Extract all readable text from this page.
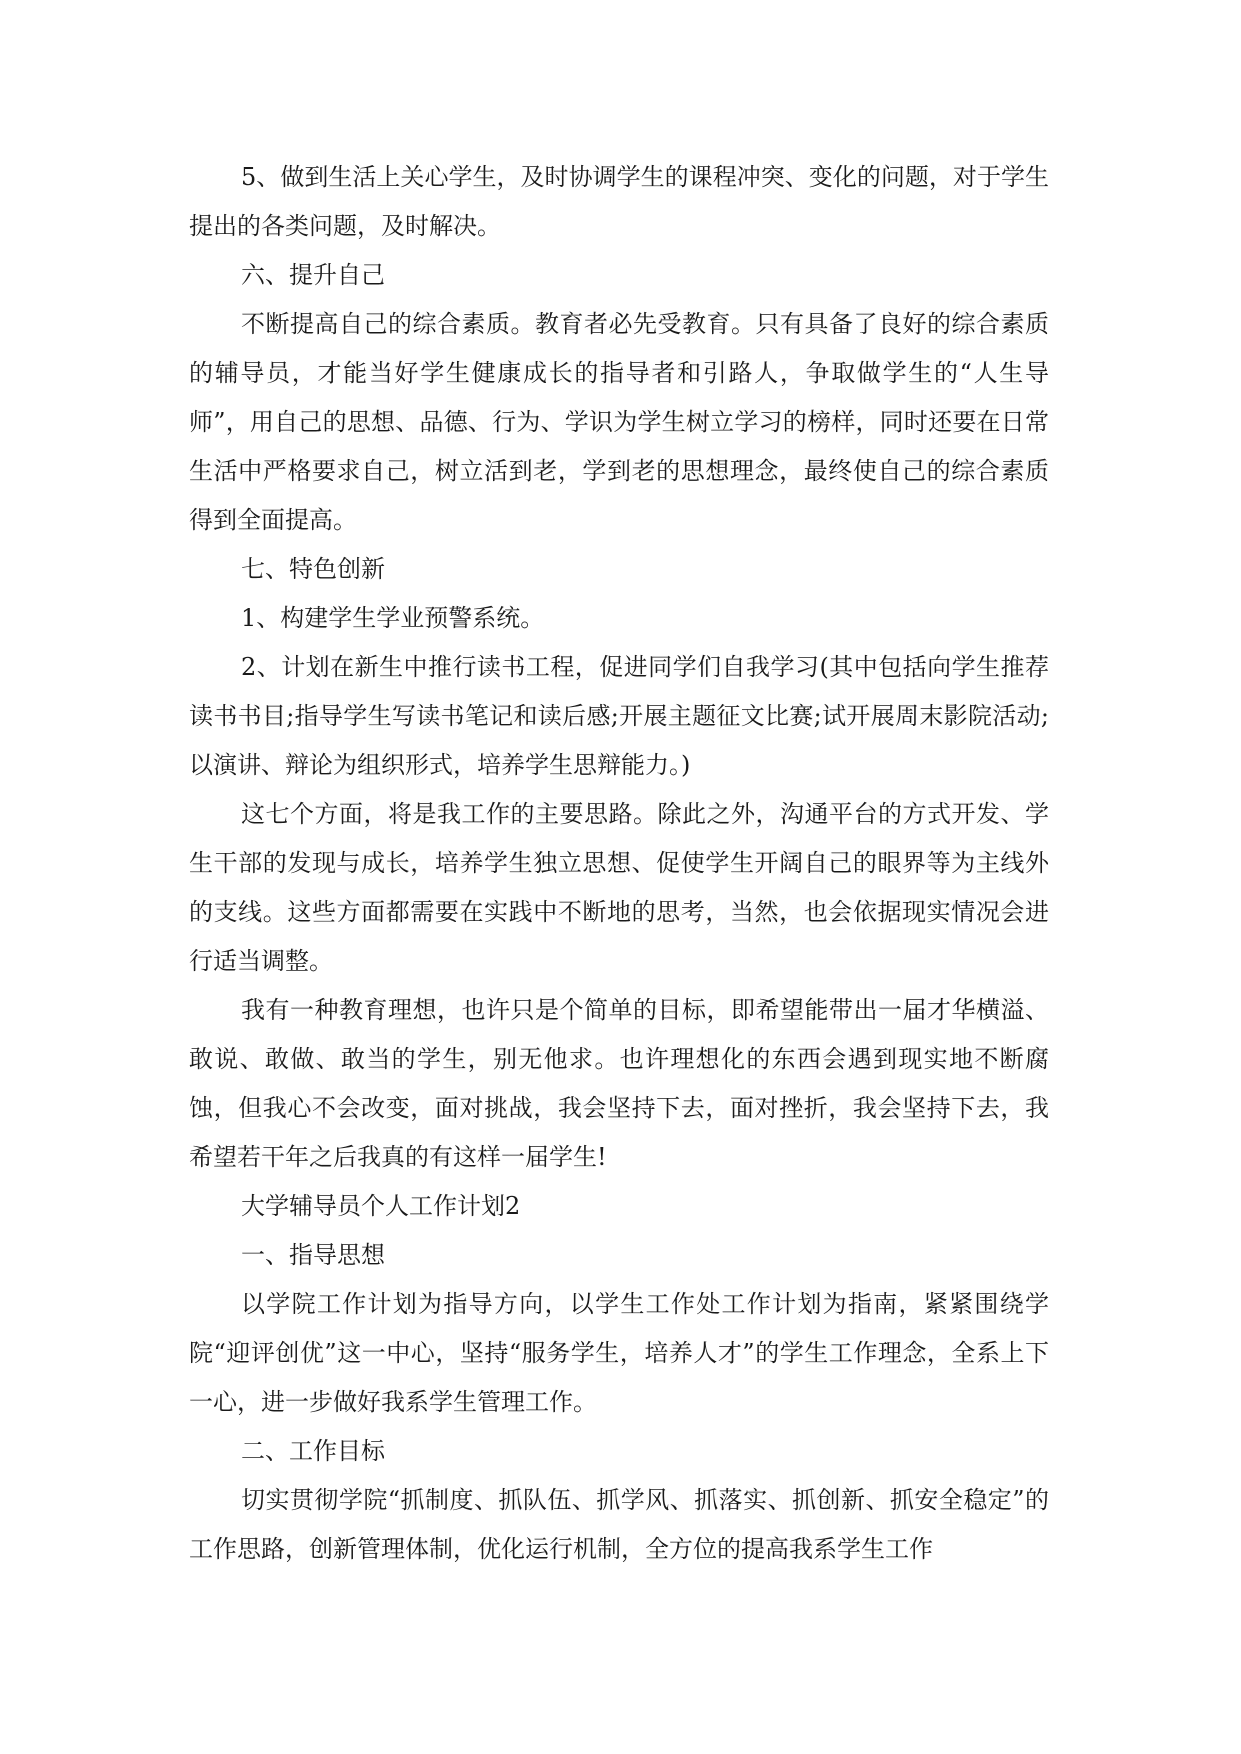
5、做到生活上关心学生，及时协调学生的课程冲突、变化的问题，对于学生提出的各类问题，及时解决。

六、提升自己

不断提高自己的综合素质。教育者必先受教育。只有具备了良好的综合素质的辅导员，才能当好学生健康成长的指导者和引路人，争取做学生的“人生导师”，用自己的思想、品德、行为、学识为学生树立学习的榜样，同时还要在日常生活中严格要求自己，树立活到老，学到老的思想理念，最终使自己的综合素质得到全面提高。

七、特色创新

1、构建学生学业预警系统。

2、计划在新生中推行读书工程，促进同学们自我学习(其中包括向学生推荐读书书目;指导学生写读书笔记和读后感;开展主题征文比赛;试开展周末影院活动;以演讲、辩论为组织形式，培养学生思辩能力。)

这七个方面，将是我工作的主要思路。除此之外，沟通平台的方式开发、学生干部的发现与成长，培养学生独立思想、促使学生开阔自己的眼界等为主线外的支线。这些方面都需要在实践中不断地的思考，当然，也会依据现实情况会进行适当调整。

我有一种教育理想，也许只是个简单的目标，即希望能带出一届才华横溢、敢说、敢做、敢当的学生，别无他求。也许理想化的东西会遇到现实地不断腐蚀，但我心不会改变，面对挑战，我会坚持下去，面对挫折，我会坚持下去，我希望若干年之后我真的有这样一届学生!

大学辅导员个人工作计划2

一、指导思想

以学院工作计划为指导方向，以学生工作处工作计划为指南，紧紧围绕学院“迎评创优”这一中心，坚持“服务学生，培养人才”的学生工作理念，全系上下一心，进一步做好我系学生管理工作。

二、工作目标

切实贯彻学院“抓制度、抓队伍、抓学风、抓落实、抓创新、抓安全稳定”的工作思路，创新管理体制，优化运行机制，全方位的提高我系学生工作
